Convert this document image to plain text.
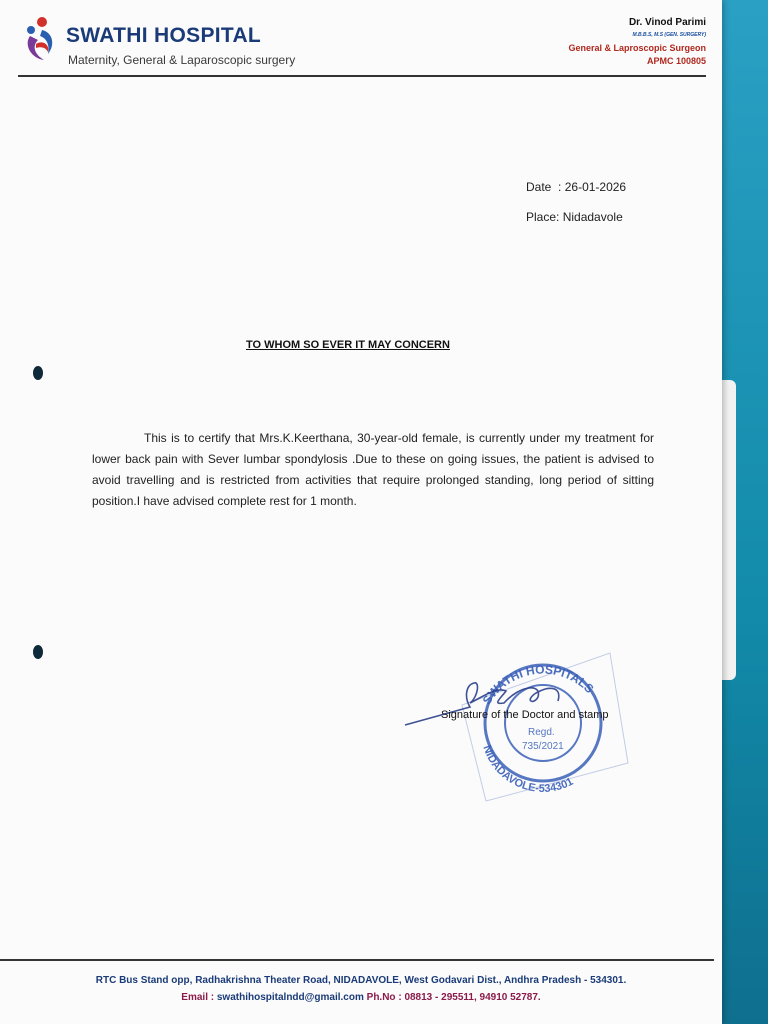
SWATHI HOSPITAL
Maternity, General & Laparoscopic surgery
Dr. Vinod Parimi
M.B.B.S, M.S (GEN. SURGERY)
General & Laproscopic Surgeon
APMC 100805
Date  : 26-01-2026
Place: Nidadavole
TO WHOM SO EVER IT MAY CONCERN
This is to certify that Mrs.K.Keerthana, 30-year-old female, is currently under my treatment for lower back pain with Sever lumbar spondylosis .Due to these on going issues, the patient is advised to avoid travelling and is restricted from activities that require prolonged standing, long period of sitting position.I have advised complete rest for 1 month.
SWATHI HOSPITALS
NIDADAVOLE-534301
Regd.
735/2021
Signature of the Doctor and stamp
RTC Bus Stand opp, Radhakrishna Theater Road, NIDADAVOLE, West Godavari Dist., Andhra Pradesh - 534301.
Email : swathihospitalndd@gmail.com Ph.No : 08813 - 295511, 94910 52787.
